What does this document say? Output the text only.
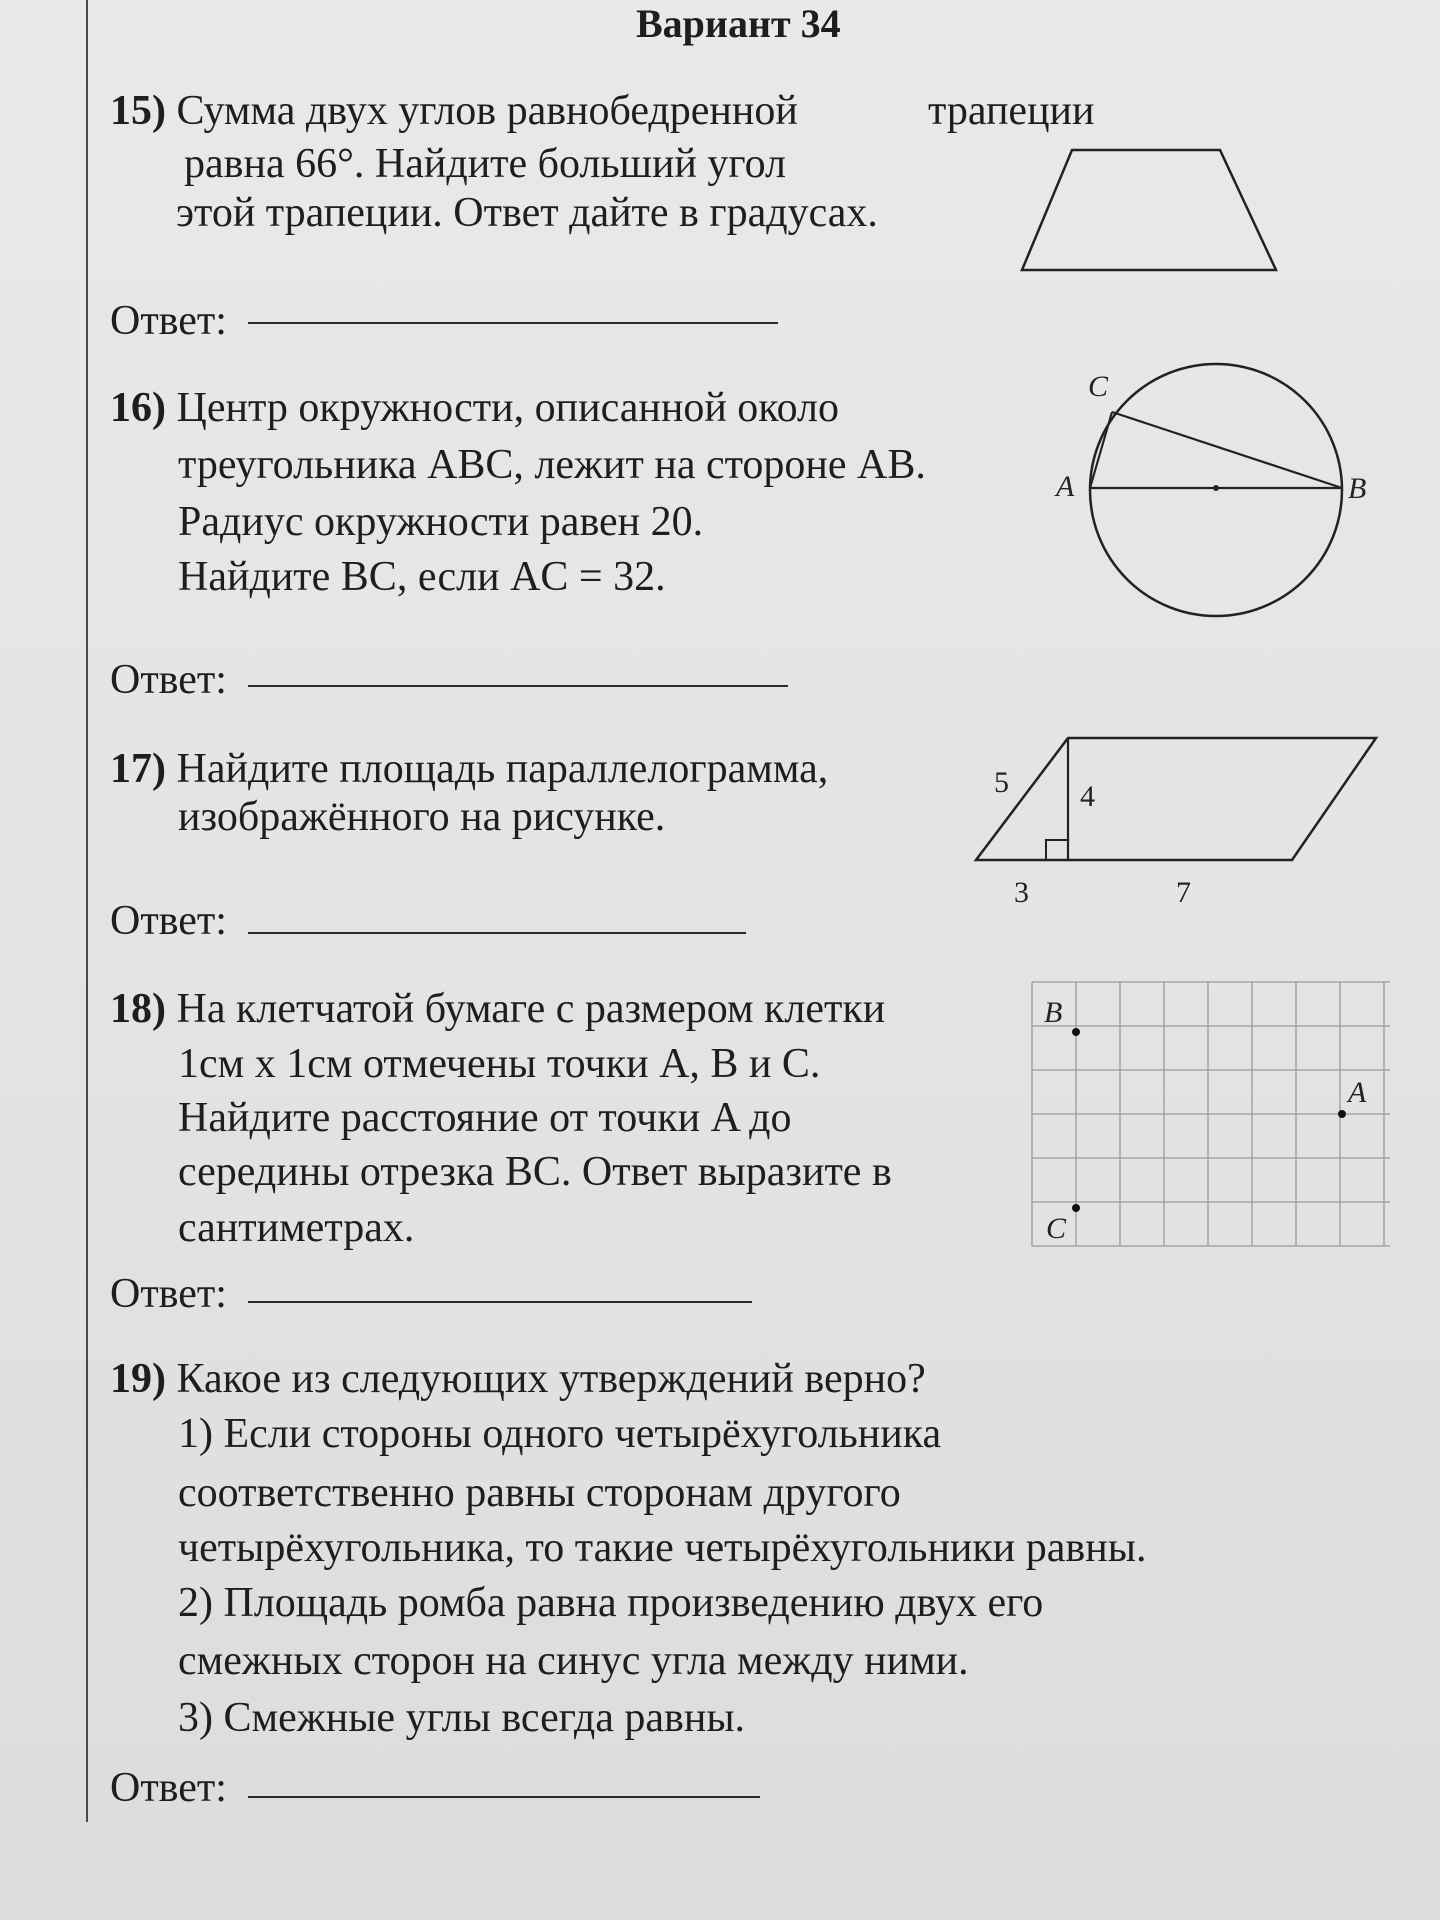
Вариант 34
15) Сумма двух углов равнобедренной	трапеции
равна 66°. Найдите больший угол
этой трапеции. Ответ дайте в градусах.
Ответ:
16) Центр окружности, описанной около
треугольника ABC, лежит на стороне AB.
Радиус окружности равен 20.
Найдите BC, если AC = 32.
C
A	B
Ответ:
17) Найдите площадь параллелограмма,
изображённого на рисунке.
5 4
3	7
Ответ:
18) На клетчатой бумаге с размером клетки
1см х 1см отмечены точки A, B и C.
Найдите расстояние от точки A до
середины отрезка BC. Ответ выразите в
сантиметрах.
B
A
C
Ответ:
19) Какое из следующих утверждений верно?
1) Если стороны одного четырёхугольника
соответственно равны сторонам другого
четырёхугольника, то такие четырёхугольники равны.
2) Площадь ромба равна произведению двух его
смежных сторон на синус угла между ними.
3) Смежные углы всегда равны.
Ответ:
